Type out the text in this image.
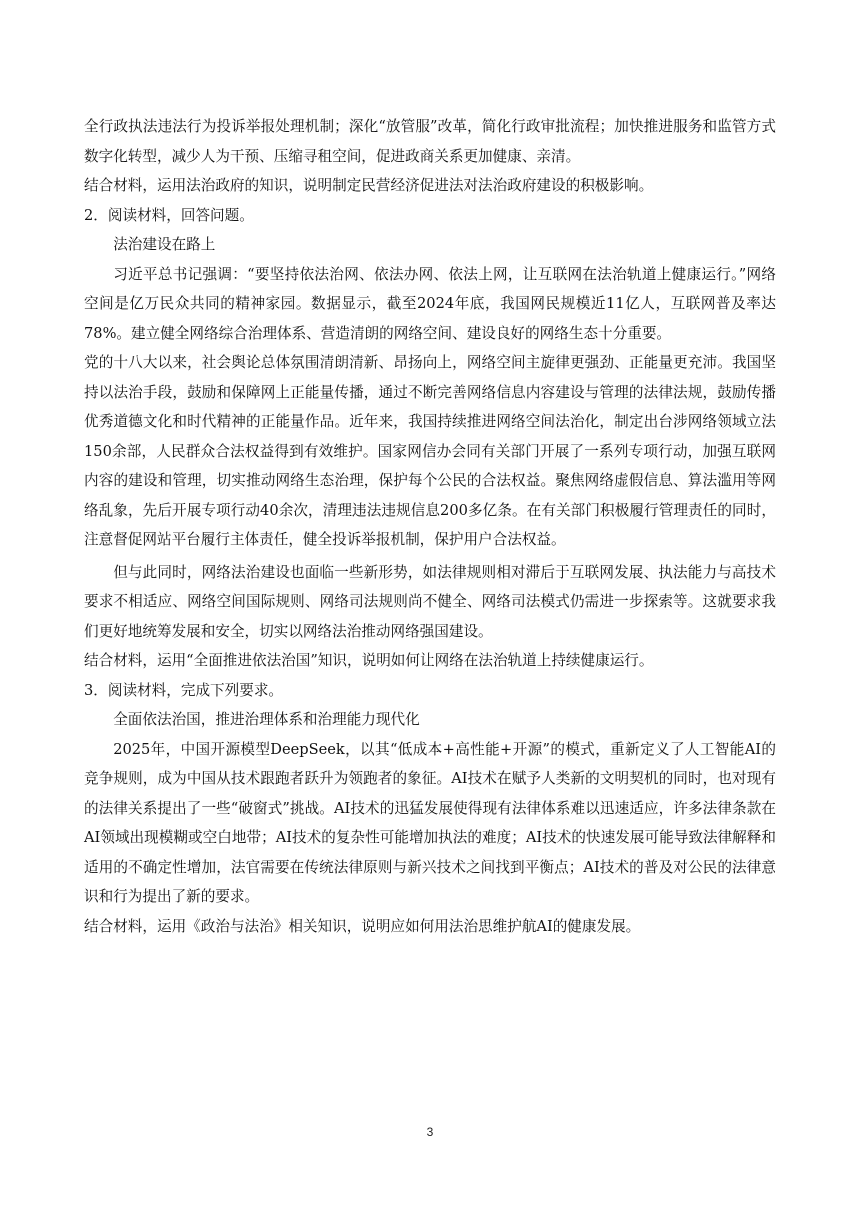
全行政执法违法行为投诉举报处理机制；深化“放管服”改革，简化行政审批流程；加快推进服务和监管方式数字化转型，减少人为干预、压缩寻租空间，促进政商关系更加健康、亲清。

结合材料，运用法治政府的知识，说明制定民营经济促进法对法治政府建设的积极影响。

2．阅读材料，回答问题。

法治建设在路上

习近平总书记强调：“要坚持依法治网、依法办网、依法上网，让互联网在法治轨道上健康运行。”网络空间是亿万民众共同的精神家园。数据显示，截至2024年底，我国网民规模近11亿人，互联网普及率达78%。建立健全网络综合治理体系、营造清朗的网络空间、建设良好的网络生态十分重要。

党的十八大以来，社会舆论总体氛围清朗清新、昂扬向上，网络空间主旋律更强劲、正能量更充沛。我国坚持以法治手段，鼓励和保障网上正能量传播，通过不断完善网络信息内容建设与管理的法律法规，鼓励传播优秀道德文化和时代精神的正能量作品。近年来，我国持续推进网络空间法治化，制定出台涉网络领域立法150余部，人民群众合法权益得到有效维护。国家网信办会同有关部门开展了一系列专项行动，加强互联网内容的建设和管理，切实推动网络生态治理，保护每个公民的合法权益。聚焦网络虚假信息、算法滥用等网络乱象，先后开展专项行动40余次，清理违法违规信息200多亿条。在有关部门积极履行管理责任的同时，注意督促网站平台履行主体责任，健全投诉举报机制，保护用户合法权益。

但与此同时，网络法治建设也面临一些新形势，如法律规则相对滞后于互联网发展、执法能力与高技术要求不相适应、网络空间国际规则、网络司法规则尚不健全、网络司法模式仍需进一步探索等。这就要求我们更好地统筹发展和安全，切实以网络法治推动网络强国建设。

结合材料，运用“全面推进依法治国”知识，说明如何让网络在法治轨道上持续健康运行。

3．阅读材料，完成下列要求。

全面依法治国，推进治理体系和治理能力现代化

2025年，中国开源模型DeepSeek，以其“低成本+高性能+开源”的模式，重新定义了人工智能AI的竞争规则，成为中国从技术跟跑者跃升为领跑者的象征。AI技术在赋予人类新的文明契机的同时，也对现有的法律关系提出了一些“破窗式”挑战。AI技术的迅猛发展使得现有法律体系难以迅速适应，许多法律条款在AI领域出现模糊或空白地带；AI技术的复杂性可能增加执法的难度；AI技术的快速发展可能导致法律解释和适用的不确定性增加，法官需要在传统法律原则与新兴技术之间找到平衡点；AI技术的普及对公民的法律意识和行为提出了新的要求。

结合材料，运用《政治与法治》相关知识，说明应如何用法治思维护航AI的健康发展。

3
